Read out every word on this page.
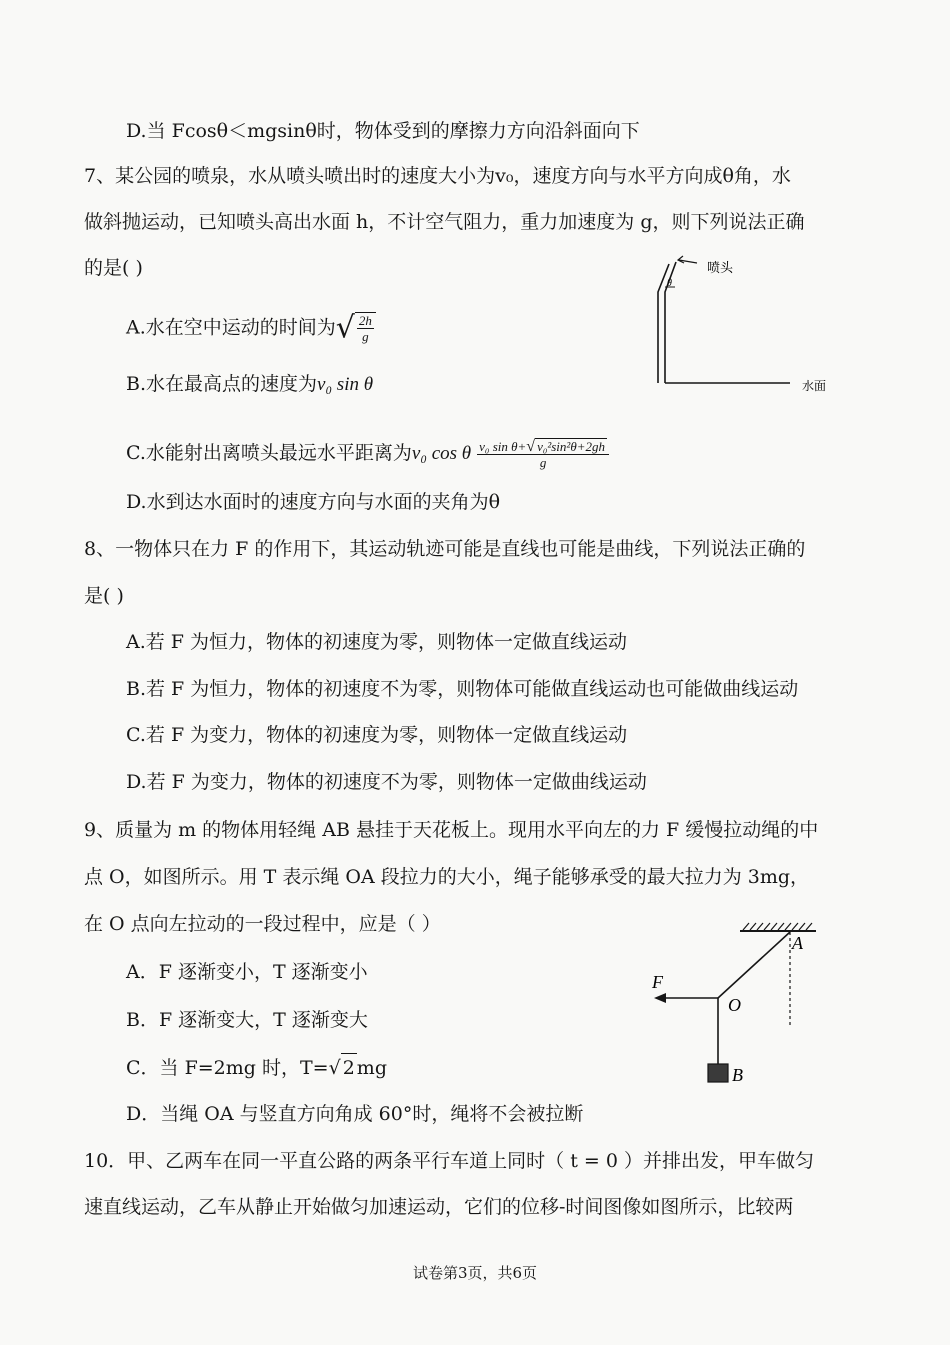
D.当 Fcosθ＜mgsinθ时，物体受到的摩擦力方向沿斜面向下
7、某公园的喷泉，水从喷头喷出时的速度大小为v₀，速度方向与水平方向成θ角，水
做斜抛运动，已知喷头高出水面 h，不计空气阻力，重力加速度为 g，则下列说法正确
的是( )
A.水在空中运动的时间为√ $\frac{2h}{g}$
B.水在最高点的速度为v₀ sin θ
C.水能射出离喷头最远水平距离为v₀ cos θ $\frac{\text{v₀ sin θ+√ v₀²sin²θ+2gh}}{g}$
D.水到达水面时的速度方向与水面的夹角为θ
θ
喷头
水面
8、一物体只在力 F 的作用下，其运动轨迹可能是直线也可能是曲线，下列说法正确的
是( )
A.若 F 为恒力，物体的初速度为零，则物体一定做直线运动
B.若 F 为恒力，物体的初速度不为零，则物体可能做直线运动也可能做曲线运动
C.若 F 为变力，物体的初速度为零，则物体一定做直线运动
D.若 F 为变力，物体的初速度不为零，则物体一定做曲线运动
9、质量为 m 的物体用轻绳 AB 悬挂于天花板上。现用水平向左的力 F 缓慢拉动绳的中
点 O，如图所示。用 T 表示绳 OA 段拉力的大小，绳子能够承受的最大拉力为 3mg，
在 O 点向左拉动的一段过程中，应是（ ）
A．F 逐渐变小，T 逐渐变小
B．F 逐渐变大，T 逐渐变大
C．当 F=2mg 时，T=√ 2 mg
D．当绳 OA 与竖直方向角成 60°时，绳将不会被拉断
A
B
O
F
10．甲、乙两车在同一平直公路的两条平行车道上同时（ t = 0 ）并排出发，甲车做匀
速直线运动，乙车从静止开始做匀加速运动，它们的位移-时间图像如图所示，比较两
试卷第3页，共6页
